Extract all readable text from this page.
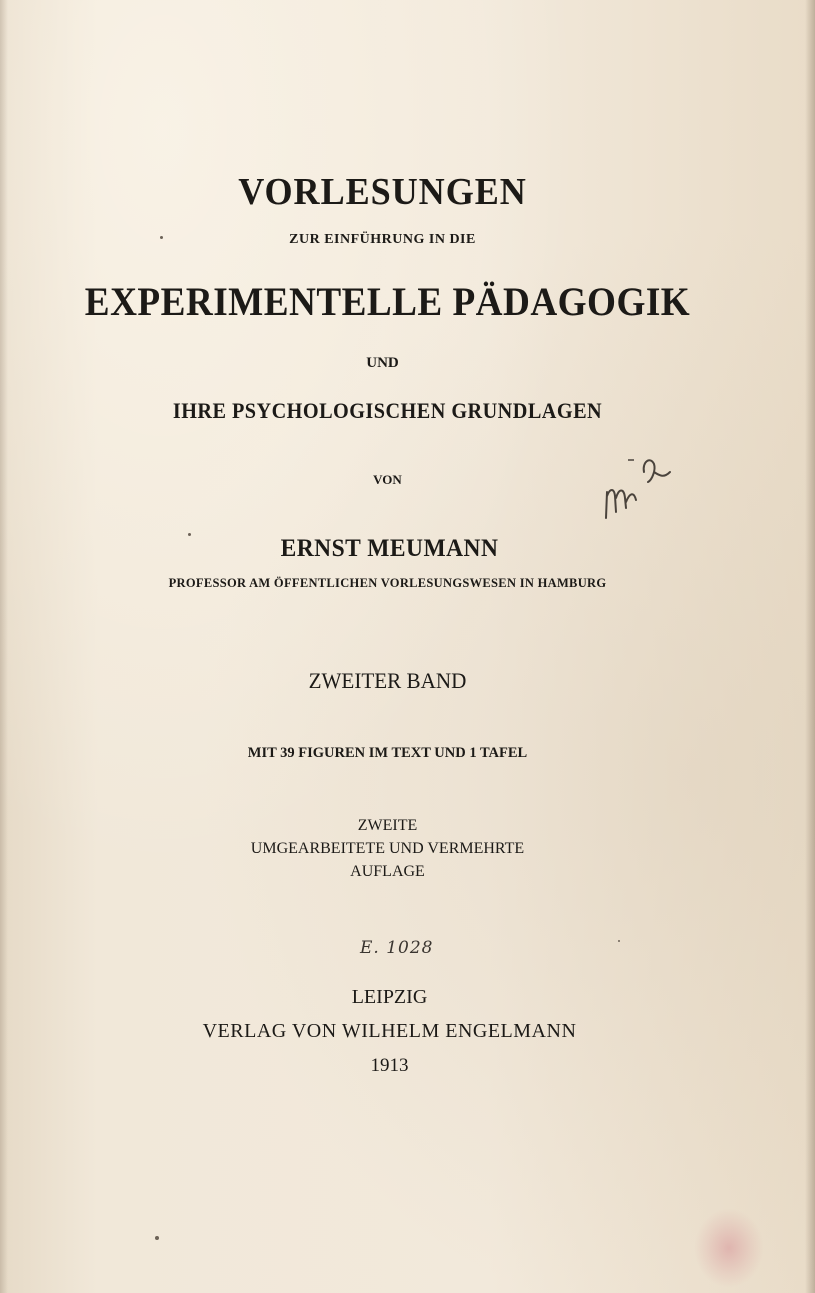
VORLESUNGEN
ZUR EINFÜHRUNG IN DIE
EXPERIMENTELLE PÄDAGOGIK
UND
IHRE PSYCHOLOGISCHEN GRUNDLAGEN
VON
ERNST MEUMANN
PROFESSOR AM ÖFFENTLICHEN VORLESUNGSWESEN IN HAMBURG
ZWEITER BAND
MIT 39 FIGUREN IM TEXT UND 1 TAFEL
ZWEITE
UMGEARBEITETE UND VERMEHRTE
AUFLAGE
E. 1028
LEIPZIG
VERLAG VON WILHELM ENGELMANN
1913
